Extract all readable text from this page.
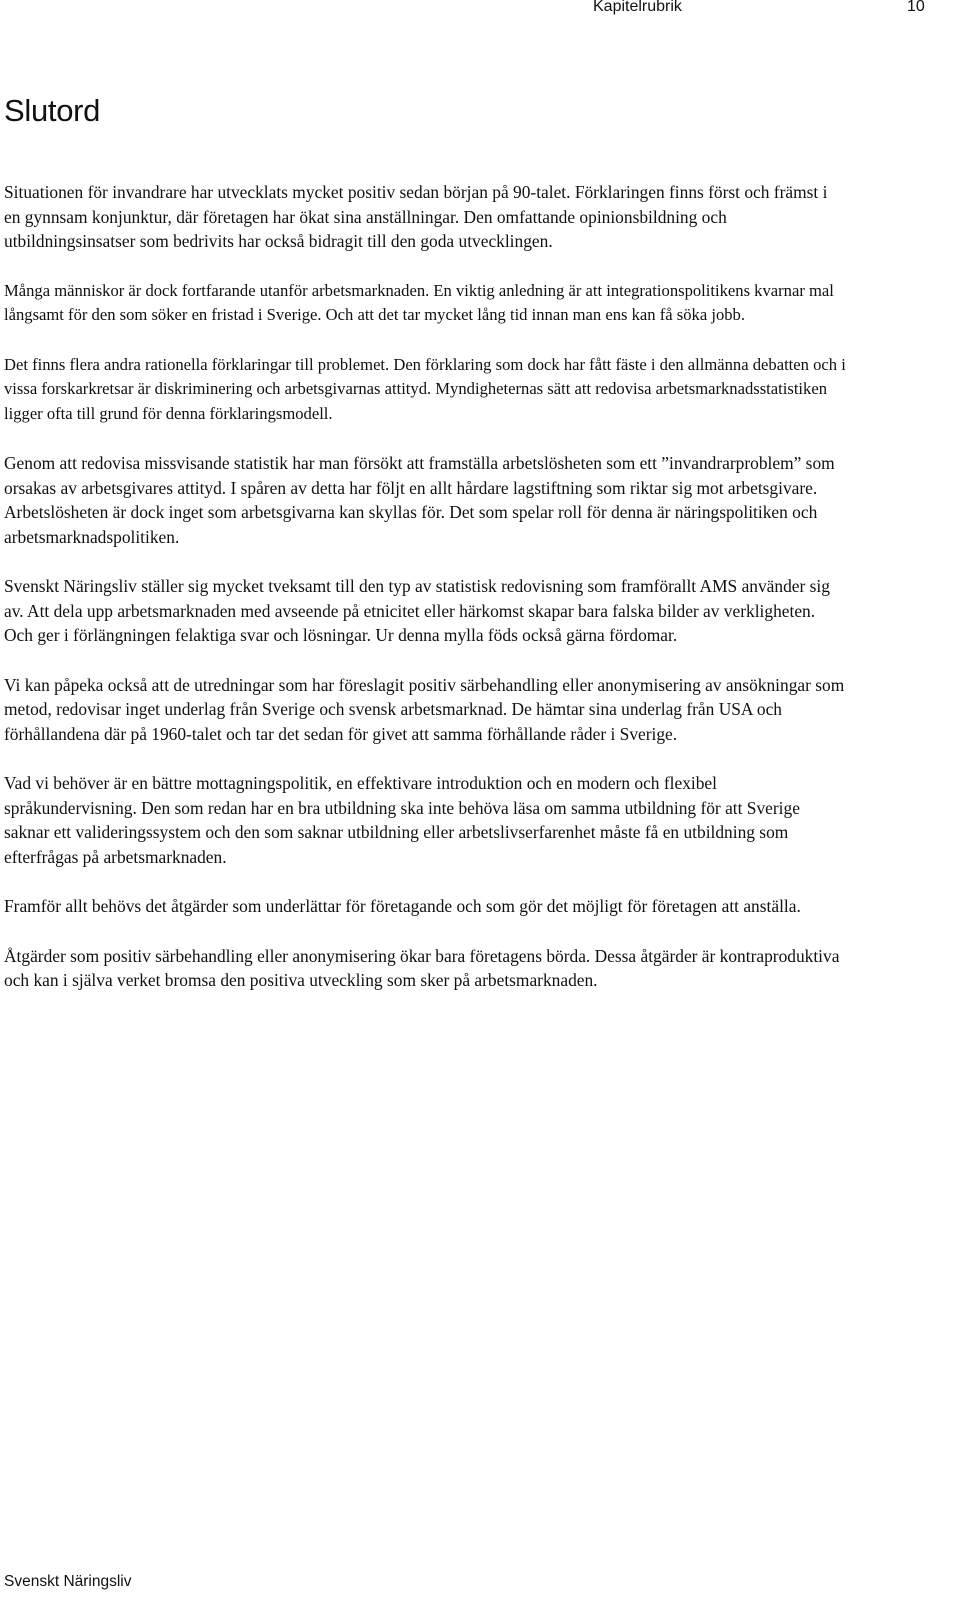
Kapitelrubrik	10
Slutord

Situationen för invandrare har utvecklats mycket positiv sedan början på 90-talet. Förklaringen finns först och främst i en gynnsam konjunktur, där företagen har ökat sina anställningar. Den omfattande opinionsbildning och utbildningsinsatser som bedrivits har också bidragit till den goda utvecklingen.

Många människor är dock fortfarande utanför arbetsmarknaden. En viktig anledning är att integrationspolitikens kvarnar mal långsamt för den som söker en fristad i Sverige. Och att det tar mycket lång tid innan man ens kan få söka jobb.

Det finns flera andra rationella förklaringar till problemet. Den förklaring som dock har fått fäste i den allmänna debatten och i vissa forskarkretsar är diskriminering och arbetsgivarnas attityd. Myndigheternas sätt att redovisa arbetsmarknadsstatistiken ligger ofta till grund för denna förklaringsmodell.

Genom att redovisa missvisande statistik har man försökt att framställa arbetslösheten som ett ”invandrarproblem” som orsakas av arbetsgivares attityd. I spåren av detta har följt en allt hårdare lagstiftning som riktar sig mot arbetsgivare. Arbetslösheten är dock inget som arbetsgivarna kan skyllas för. Det som spelar roll för denna är näringspolitiken och arbetsmarknadspolitiken.

Svenskt Näringsliv ställer sig mycket tveksamt till den typ av statistisk redovisning som framförallt AMS använder sig av. Att dela upp arbetsmarknaden med avseende på etnicitet eller härkomst skapar bara falska bilder av verkligheten. Och ger i förlängningen felaktiga svar och lösningar. Ur denna mylla föds också gärna fördomar.

Vi kan påpeka också att de utredningar som har föreslagit positiv särbehandling eller anonymisering av ansökningar som metod, redovisar inget underlag från Sverige och svensk arbetsmarknad. De hämtar sina underlag från USA och förhållandena där på 1960-talet och tar det sedan för givet att samma förhållande råder i Sverige.

Vad vi behöver är en bättre mottagningspolitik, en effektivare introduktion och en modern och flexibel språkundervisning. Den som redan har en bra utbildning ska inte behöva läsa om samma utbildning för att Sverige saknar ett valideringssystem och den som saknar utbildning eller arbetslivserfarenhet måste få en utbildning som efterfrågas på arbetsmarknaden.

Framför allt behövs det åtgärder som underlättar för företagande och som gör det möjligt för företagen att anställa.

Åtgärder som positiv särbehandling eller anonymisering ökar bara företagens börda. Dessa åtgärder är kontraproduktiva och kan i själva verket bromsa den positiva utveckling som sker på arbetsmarknaden.

Svenskt Näringsliv
